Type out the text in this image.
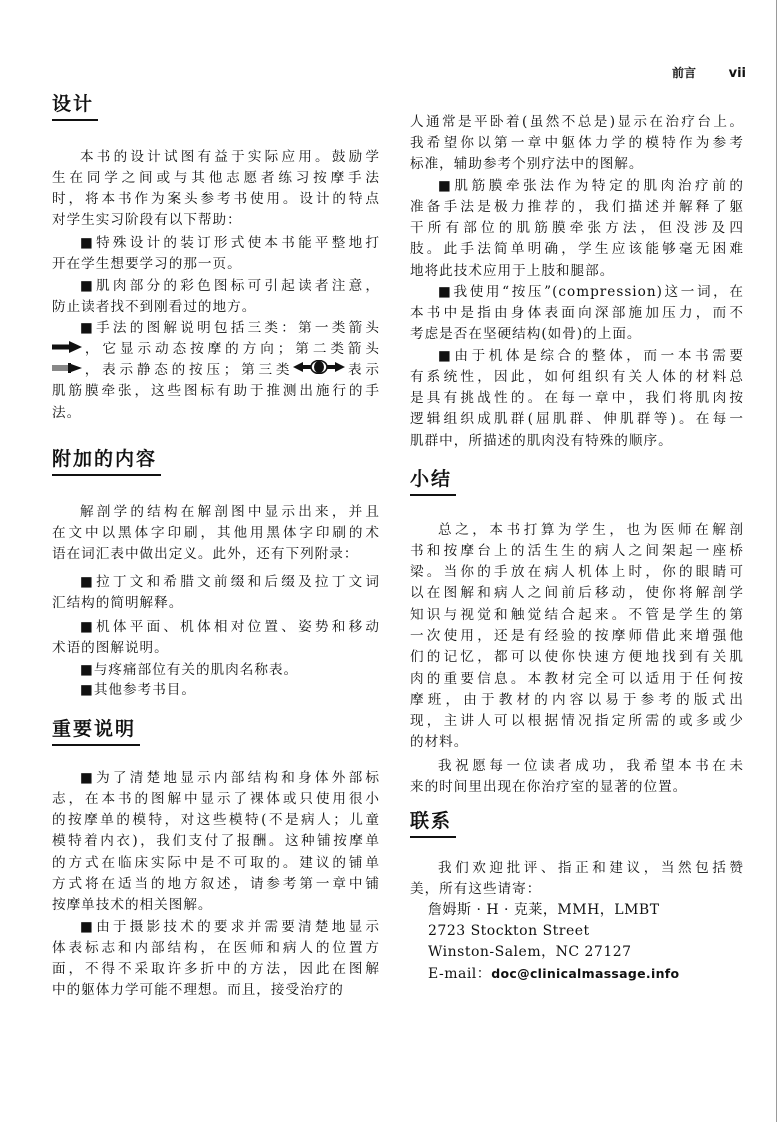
前言	vii
设计
本书的设计试图有益于实际应用。鼓励学
生在同学之间或与其他志愿者练习按摩手法
时，将本书作为案头参考书使用。设计的特点
对学生实习阶段有以下帮助：
■特殊设计的装订形式使本书能平整地打
开在学生想要学习的那一页。
■肌肉部分的彩色图标可引起读者注意，
防止读者找不到刚看过的地方。
■手法的图解说明包括三类：第一类箭头
，它显示动态按摩的方向；第二类箭头
，表示静态的按压；第三类	表示
肌筋膜牵张，这些图标有助于推测出施行的手
法。
附加的内容
解剖学的结构在解剖图中显示出来，并且
在文中以黑体字印刷，其他用黑体字印刷的术
语在词汇表中做出定义。此外，还有下列附录：
■拉丁文和希腊文前缀和后缀及拉丁文词
汇结构的简明解释。
■机体平面、机体相对位置、姿势和移动
术语的图解说明。
■与疼痛部位有关的肌肉名称表。
■其他参考书目。
重要说明
■为了清楚地显示内部结构和身体外部标
志，在本书的图解中显示了裸体或只使用很小
的按摩单的模特，对这些模特(不是病人；儿童
模特着内衣)，我们支付了报酬。这种铺按摩单
的方式在临床实际中是不可取的。建议的铺单
方式将在适当的地方叙述，请参考第一章中铺
按摩单技术的相关图解。
■由于摄影技术的要求并需要清楚地显示
体表标志和内部结构，在医师和病人的位置方
面，不得不采取许多折中的方法，因此在图解
中的躯体力学可能不理想。而且，接受治疗的
人通常是平卧着(虽然不总是)显示在治疗台上。
我希望你以第一章中躯体力学的模特作为参考
标准，辅助参考个别疗法中的图解。
■肌筋膜牵张法作为特定的肌肉治疗前的
准备手法是极力推荐的，我们描述并解释了躯
干所有部位的肌筋膜牵张方法，但没涉及四
肢。此手法简单明确，学生应该能够毫无困难
地将此技术应用于上肢和腿部。
■我使用“按压”(compression)这一词，在
本书中是指由身体表面向深部施加压力，而不
考虑是否在坚硬结构(如骨)的上面。
■由于机体是综合的整体，而一本书需要
有系统性，因此，如何组织有关人体的材料总
是具有挑战性的。在每一章中，我们将肌肉按
逻辑组织成肌群(屈肌群、伸肌群等)。在每一
肌群中，所描述的肌肉没有特殊的顺序。
小结
总之，本书打算为学生，也为医师在解剖
书和按摩台上的活生生的病人之间架起一座桥
梁。当你的手放在病人机体上时，你的眼睛可
以在图解和病人之间前后移动，使你将解剖学
知识与视觉和触觉结合起来。不管是学生的第
一次使用，还是有经验的按摩师借此来增强他
们的记忆，都可以使你快速方便地找到有关肌
肉的重要信息。本教材完全可以适用于任何按
摩班，由于教材的内容以易于参考的版式出
现，主讲人可以根据情况指定所需的或多或少
的材料。
我祝愿每一位读者成功，我希望本书在未
来的时间里出现在你治疗室的显著的位置。
联系
我们欢迎批评、指正和建议，当然包括赞
美，所有这些请寄：
詹姆斯 · H · 克莱，MMH，LMBT
2723 Stockton Street
Winston-Salem，NC 27127
E-mail：doc@clinicalmassage.info
